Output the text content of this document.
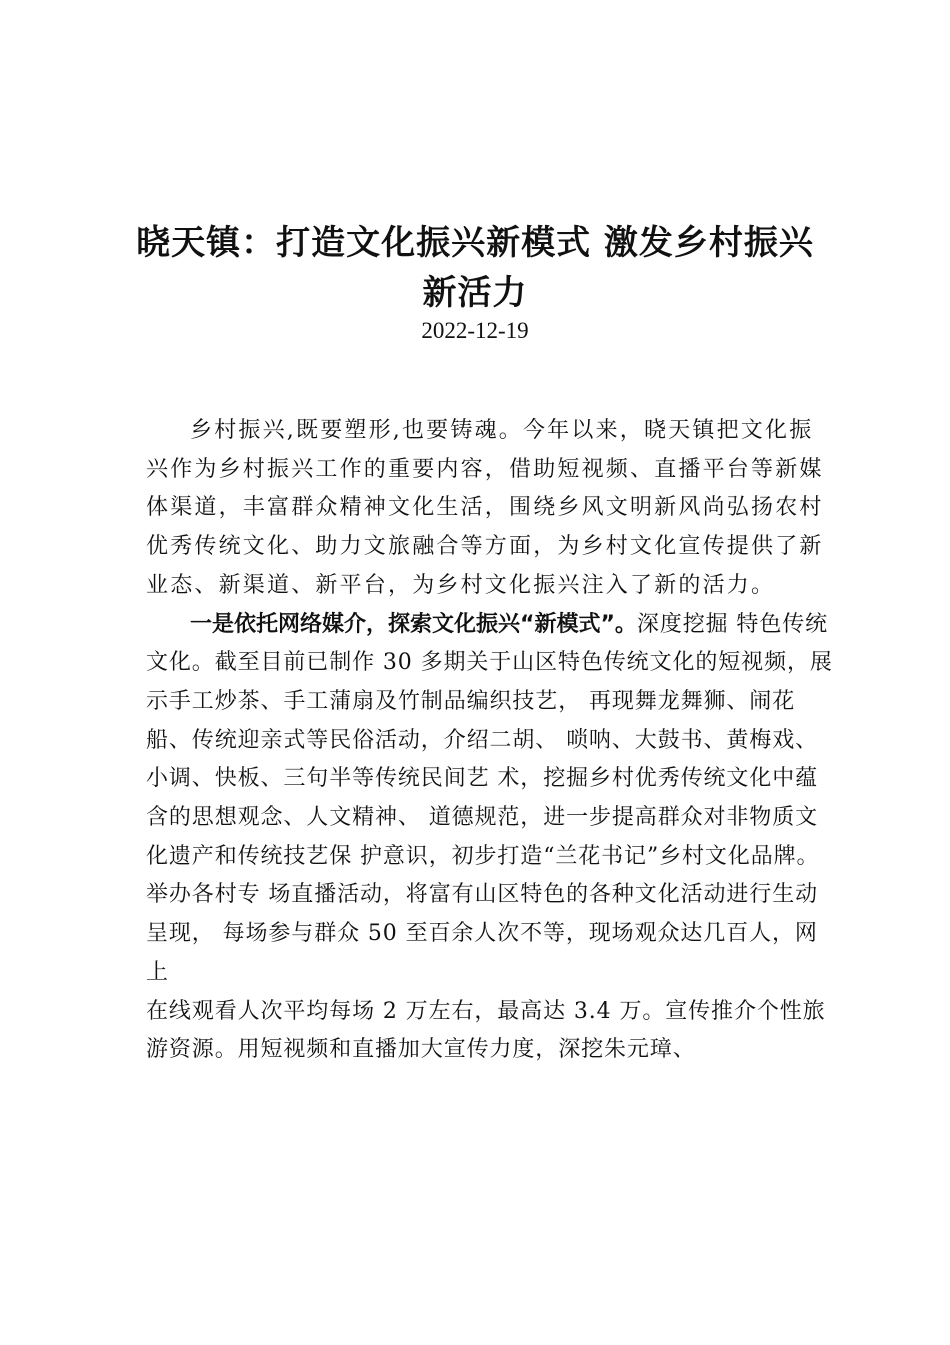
晓天镇：打造文化振兴新模式 激发乡村振兴新活力
2022-12-19

乡村振兴,既要塑形,也要铸魂。今年以来，晓天镇把文化振兴作为乡村振兴工作的重要内容，借助短视频、直播平台等新媒体渠道，丰富群众精神文化生活，围绕乡风文明新风尚弘扬农村优秀传统文化、助力文旅融合等方面，为乡村文化宣传提供了新业态、新渠道、新平台，为乡村文化振兴注入了新的活力。

一是依托网络媒介，探索文化振兴“新模式”。深度挖掘 特色传统文化。截至目前已制作 30 多期关于山区特色传统文化的短视频，展示手工炒茶、手工蒲扇及竹制品编织技艺， 再现舞龙舞狮、闹花船、传统迎亲式等民俗活动，介绍二胡、 唢呐、大鼓书、黄梅戏、小调、快板、三句半等传统民间艺 术，挖掘乡村优秀传统文化中蕴含的思想观念、人文精神、 道德规范，进一步提高群众对非物质文化遗产和传统技艺保 护意识，初步打造“兰花书记”乡村文化品牌。举办各村专 场直播活动，将富有山区特色的各种文化活动进行生动呈现， 每场参与群众 50 至百余人次不等，现场观众达几百人，网上

在线观看人次平均每场 2 万左右，最高达 3.4 万。宣传推介个性旅游资源。用短视频和直播加大宣传力度，深挖朱元璋、
